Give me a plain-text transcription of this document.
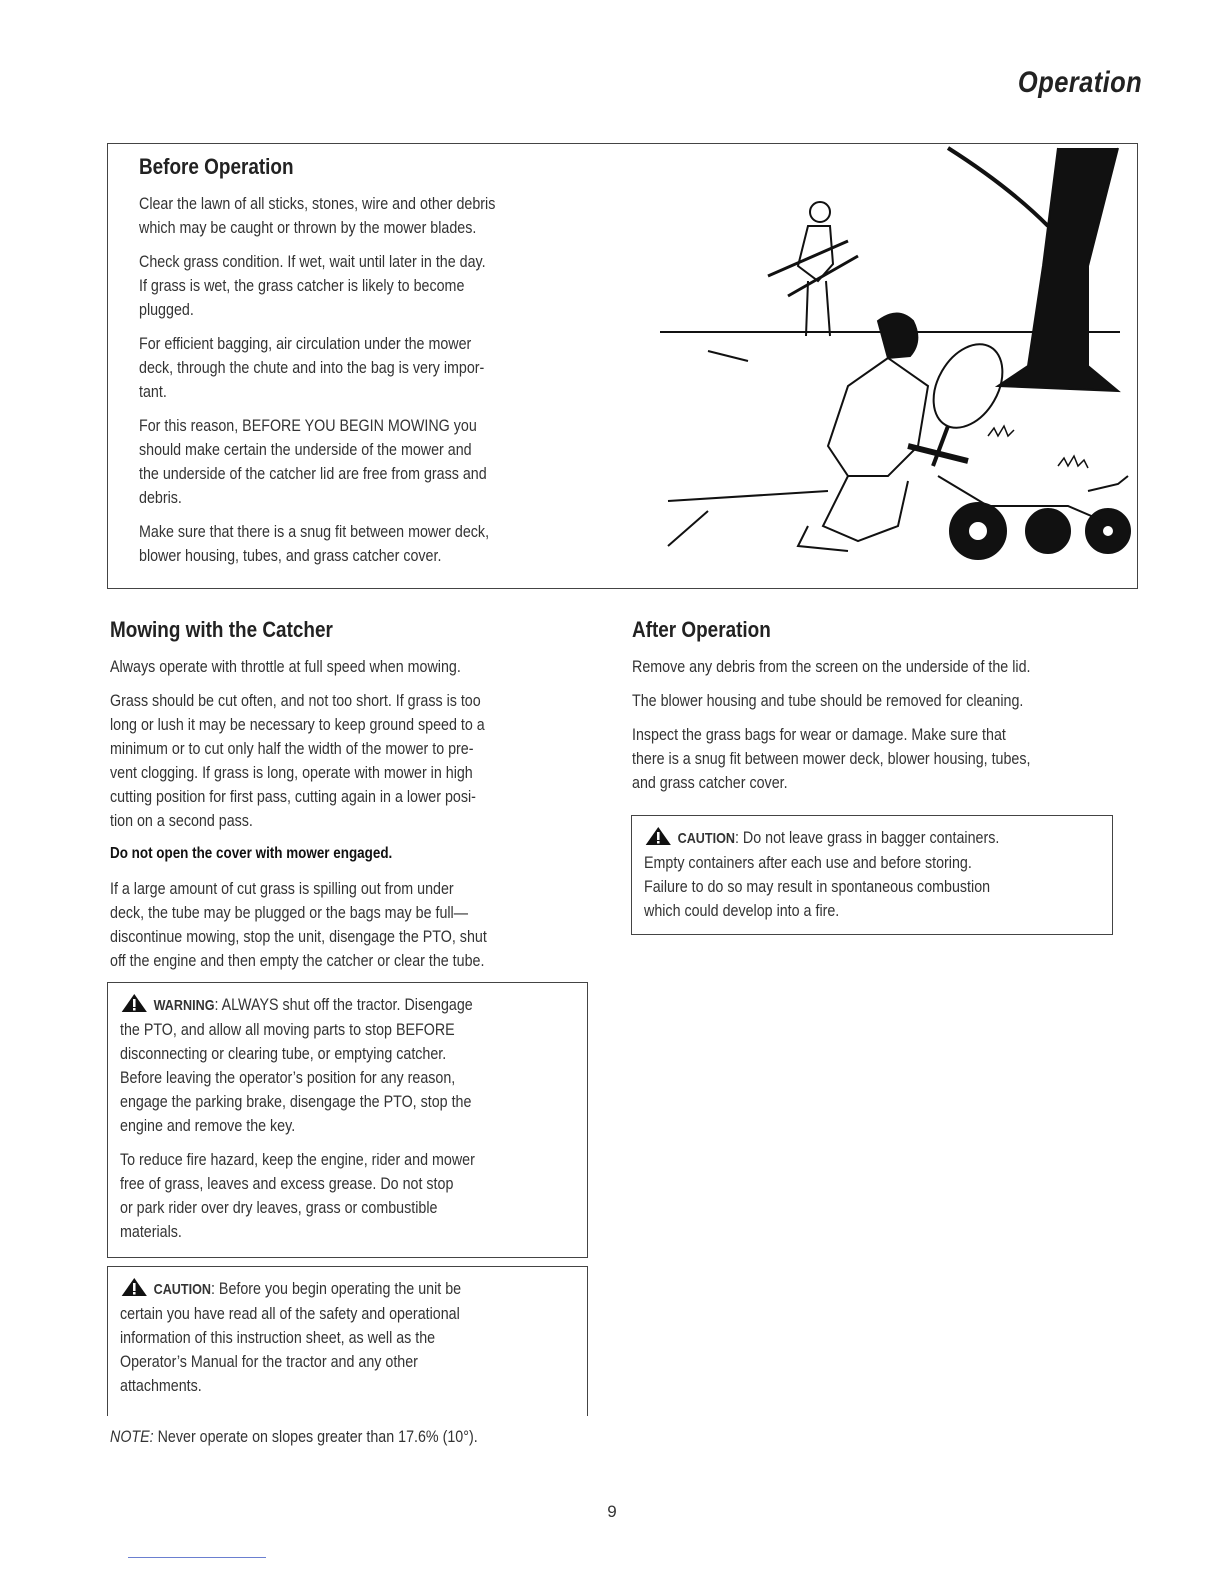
Operation
Before Operation
Clear the lawn of all sticks, stones, wire and other debris
which may be caught or thrown by the mower blades.
Check grass condition. If wet, wait until later in the day.
If grass is wet, the grass catcher is likely to become
plugged.
For efficient bagging, air circulation under the mower
deck, through the chute and into the bag is very impor-
tant.
For this reason, BEFORE YOU BEGIN MOWING you
should make certain the underside of the mower and
the underside of the catcher lid are free from grass and
debris.
Make sure that there is a snug fit between mower deck,
blower housing, tubes, and grass catcher cover.
Mowing with the Catcher
Always operate with throttle at full speed when mowing.
Grass should be cut often, and not too short. If grass is too
long or lush it may be necessary to keep ground speed to a
minimum or to cut only half the width of the mower to pre-
vent clogging. If grass is long, operate with mower in high
cutting position for first pass, cutting again in a lower posi-
tion on a second pass.
Do not open the cover with mower engaged.
If a large amount of cut grass is spilling out from under
deck, the tube may be plugged or the bags may be full—
discontinue mowing, stop the unit, disengage the PTO, shut
off the engine and then empty the catcher or clear the tube.
WARNING: ALWAYS shut off the tractor. Disengage
the PTO, and allow all moving parts to stop BEFORE
disconnecting or clearing tube, or emptying catcher.
Before leaving the operator’s position for any reason,
engage the parking brake, disengage the PTO, stop the
engine and remove the key.
To reduce fire hazard, keep the engine, rider and mower
free of grass, leaves and excess grease. Do not stop
or park rider over dry leaves, grass or combustible
materials.
CAUTION: Before you begin operating the unit be
certain you have read all of the safety and operational
information of this instruction sheet, as well as the
Operator’s Manual for the tractor and any other
attachments.
NOTE: Never operate on slopes greater than 17.6% (10°).
After Operation
Remove any debris from the screen on the underside of the lid.
The blower housing and tube should be removed for cleaning.
Inspect the grass bags for wear or damage. Make sure that
there is a snug fit between mower deck, blower housing, tubes,
and grass catcher cover.
CAUTION: Do not leave grass in bagger containers.
Empty containers after each use and before storing.
Failure to do so may result in spontaneous combustion
which could develop into a fire.
9
